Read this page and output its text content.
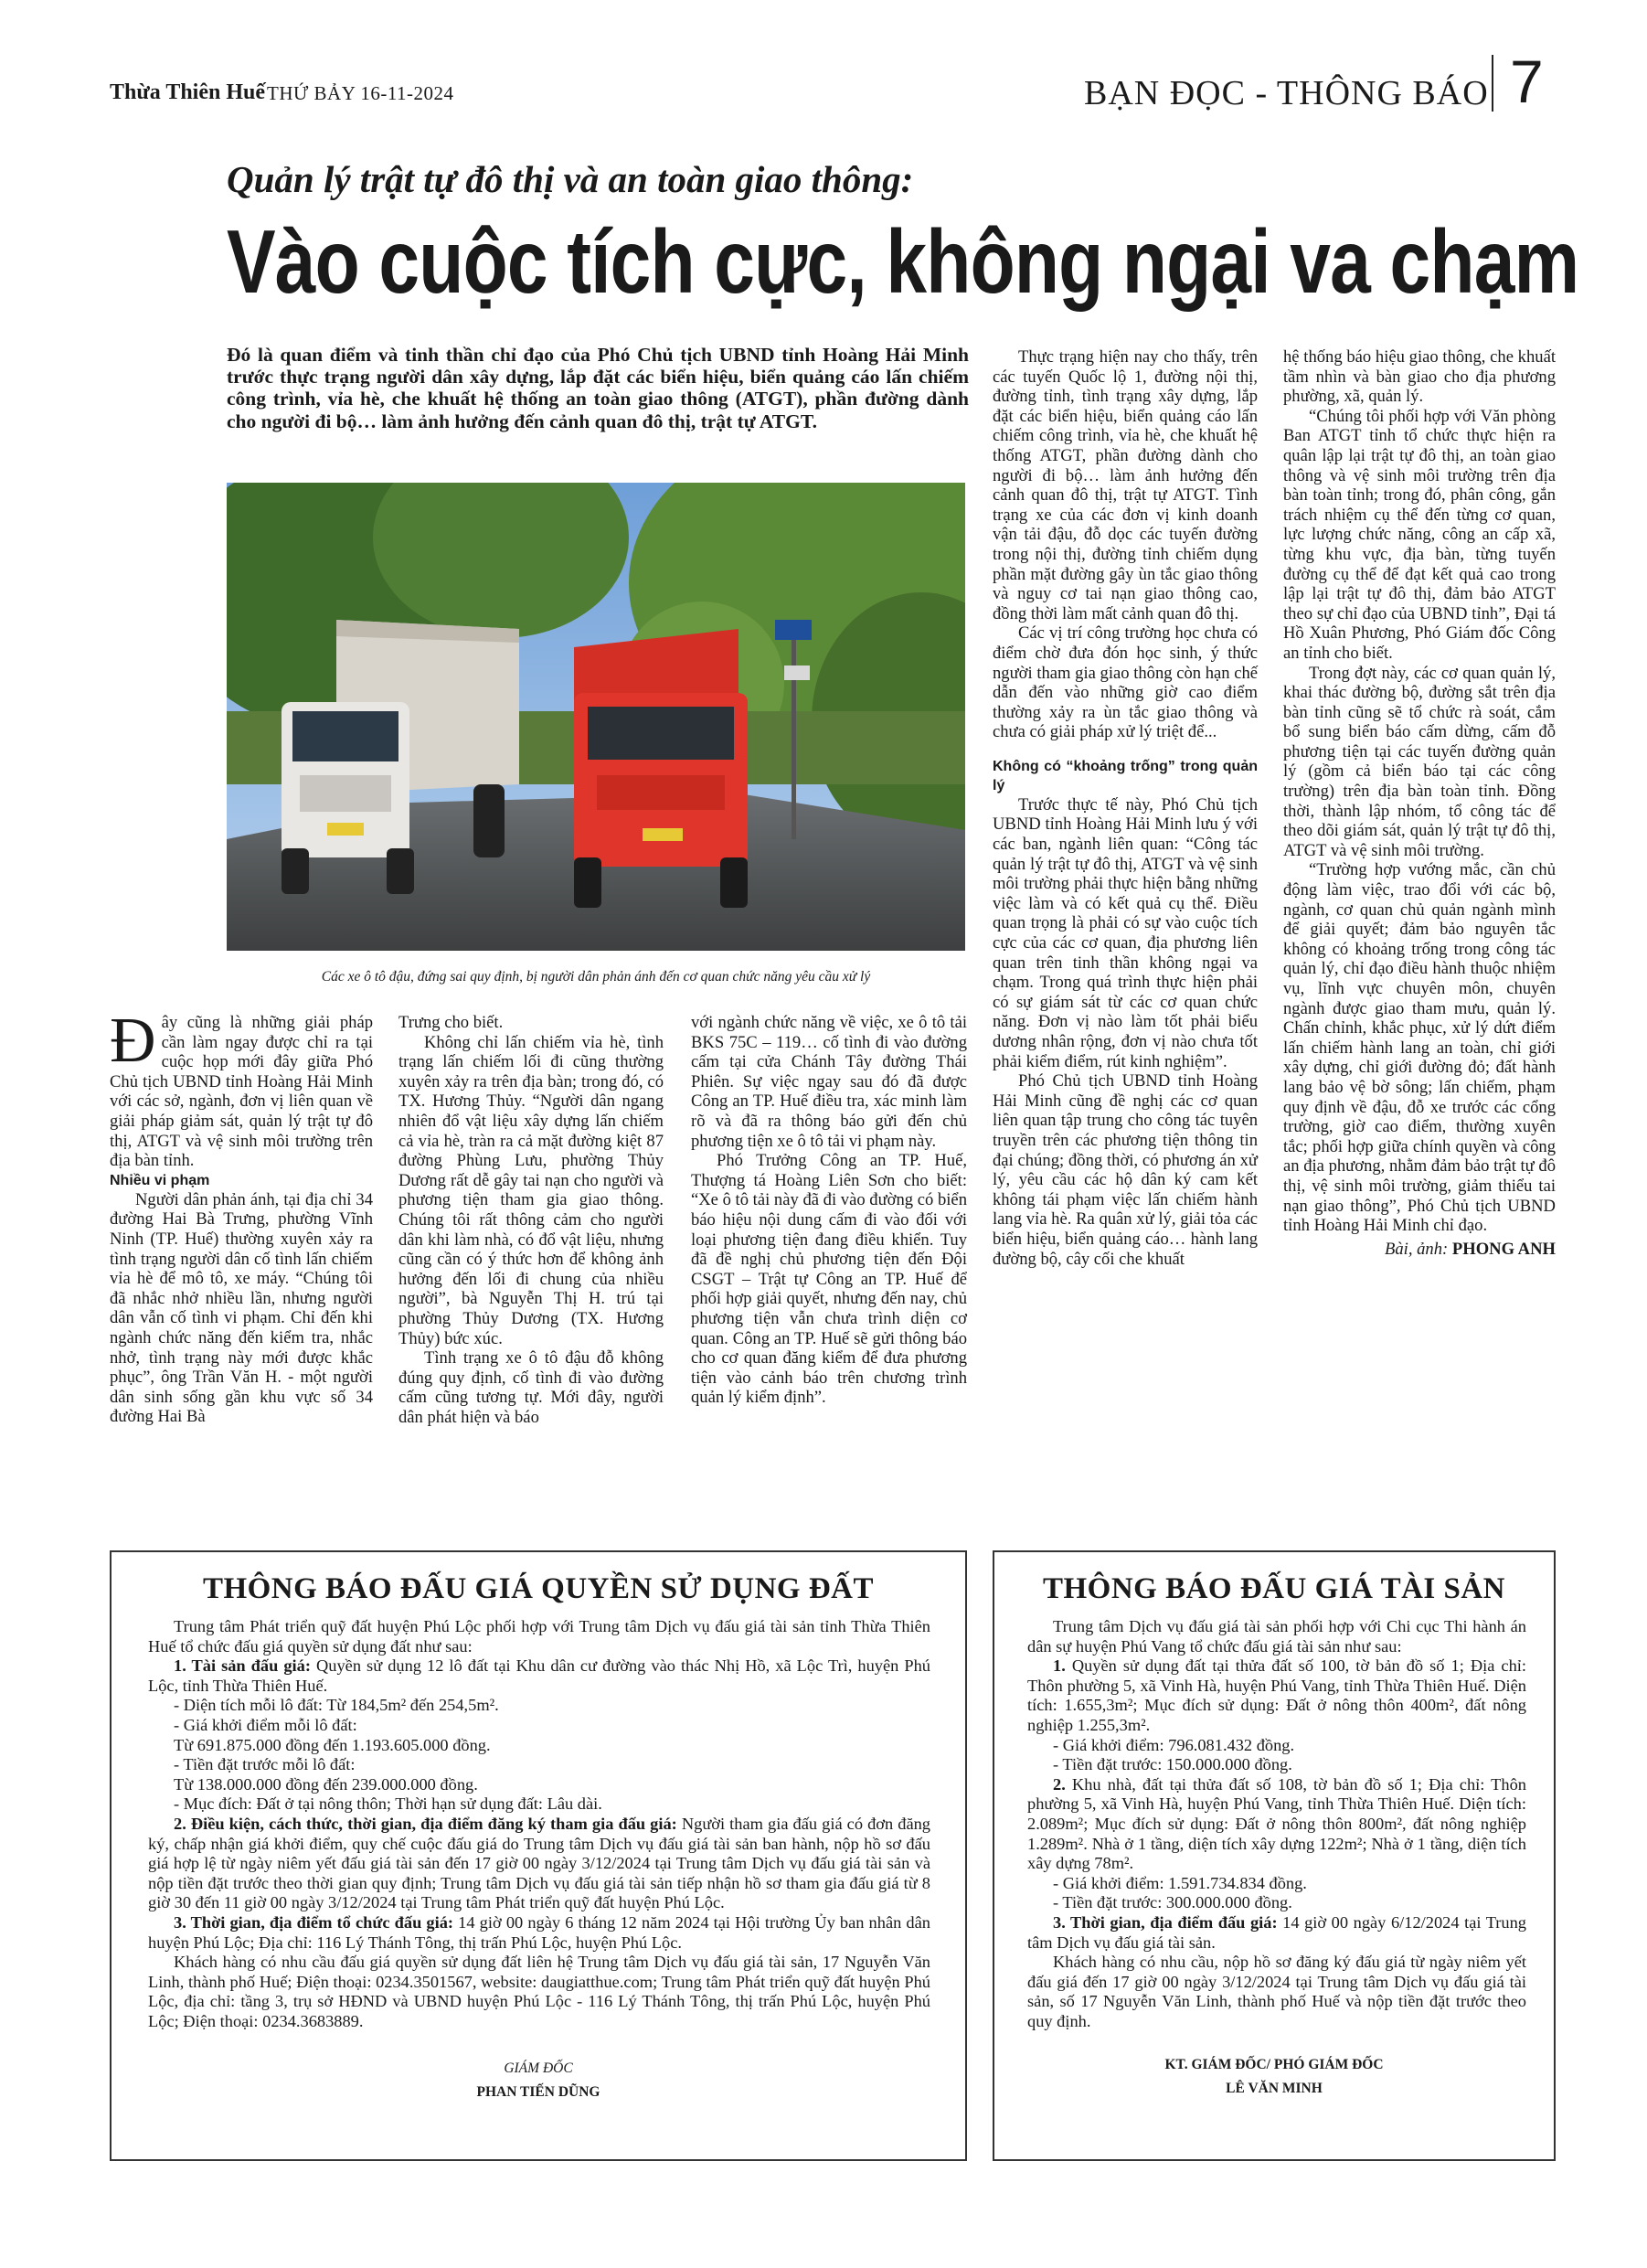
Thừa Thiên Huế THỨ BẢY 16-11-2024	BẠN ĐỌC - THÔNG BÁO 7
Quản lý trật tự đô thị và an toàn giao thông:
Vào cuộc tích cực, không ngại va chạm
Đó là quan điểm và tinh thần chỉ đạo của Phó Chủ tịch UBND tỉnh Hoàng Hải Minh trước thực trạng người dân xây dựng, lắp đặt các biển hiệu, biển quảng cáo lấn chiếm công trình, vỉa hè, che khuất hệ thống an toàn giao thông (ATGT), phần đường dành cho người đi bộ… làm ảnh hưởng đến cảnh quan đô thị, trật tự ATGT.
Các xe ô tô đậu, đứng sai quy định, bị người dân phản ánh đến cơ quan chức năng yêu cầu xử lý

Đây cũng là những giải pháp cần làm ngay được chỉ ra tại cuộc họp mới đây giữa Phó Chủ tịch UBND tỉnh Hoàng Hải Minh với các sở, ngành, đơn vị liên quan về giải pháp giảm sát, quản lý trật tự đô thị, ATGT và vệ sinh môi trường trên địa bàn tỉnh.

Nhiều vi phạm

Người dân phản ánh, tại địa chỉ 34 đường Hai Bà Trưng, phường Vĩnh Ninh (TP. Huế) thường xuyên xảy ra tình trạng người dân cố tình lấn chiếm vỉa hè để mô tô, xe máy. “Chúng tôi đã nhắc nhở nhiều lần, nhưng người dân vẫn cố tình vi phạm. Chỉ đến khi ngành chức năng đến kiểm tra, nhắc nhở, tình trạng này mới được khắc phục”, ông Trần Văn H. - một người dân sinh sống gần khu vực số 34 đường Hai Bà

Trưng cho biết.

Không chỉ lấn chiếm vỉa hè, tình trạng lấn chiếm lối đi cũng thường xuyên xảy ra trên địa bàn; trong đó, có TX. Hương Thủy. “Người dân ngang nhiên đổ vật liệu xây dựng lấn chiếm cả vỉa hè, tràn ra cả mặt đường kiệt 87 đường Phùng Lưu, phường Thủy Dương rất dễ gây tai nạn cho người và phương tiện tham gia giao thông. Chúng tôi rất thông cảm cho người dân khi làm nhà, có đổ vật liệu, nhưng cũng cần có ý thức hơn để không ảnh hưởng đến lối đi chung của nhiều người”, bà Nguyễn Thị H. trú tại phường Thủy Dương (TX. Hương Thủy) bức xúc.

Tình trạng xe ô tô đậu đỗ không đúng quy định, cố tình đi vào đường cấm cũng tương tự. Mới đây, người dân phát hiện và báo

với ngành chức năng về việc, xe ô tô tải BKS 75C – 119… cố tình đi vào đường cấm tại cửa Chánh Tây đường Thái Phiên. Sự việc ngay sau đó đã được Công an TP. Huế điều tra, xác minh làm rõ và đã ra thông báo gửi đến chủ phương tiện xe ô tô tải vi phạm này.

Phó Trưởng Công an TP. Huế, Thượng tá Hoàng Liên Sơn cho biết: “Xe ô tô tải này đã đi vào đường có biển báo hiệu nội dung cấm đi vào đối với loại phương tiện đang điều khiển. Tuy đã đề nghị chủ phương tiện đến Đội CSGT – Trật tự Công an TP. Huế để phối hợp giải quyết, nhưng đến nay, chủ phương tiện vẫn chưa trình diện cơ quan. Công an TP. Huế sẽ gửi thông báo cho cơ quan đăng kiểm để đưa phương tiện vào cảnh báo trên chương trình quản lý kiểm định”.

Thực trạng hiện nay cho thấy, trên các tuyến Quốc lộ 1, đường nội thị, đường tỉnh, tình trạng xây dựng, lắp đặt các biển hiệu, biển quảng cáo lấn chiếm công trình, vỉa hè, che khuất hệ thống ATGT, phần đường dành cho người đi bộ… làm ảnh hưởng đến cảnh quan đô thị, trật tự ATGT. Tình trạng xe của các đơn vị kinh doanh vận tải đậu, đỗ dọc các tuyến đường trong nội thị, đường tỉnh chiếm dụng phần mặt đường gây ùn tắc giao thông và nguy cơ tai nạn giao thông cao, đồng thời làm mất cảnh quan đô thị.

Các vị trí công trường học chưa có điểm chờ đưa đón học sinh, ý thức người tham gia giao thông còn hạn chế dẫn đến vào những giờ cao điểm thường xảy ra ùn tắc giao thông và chưa có giải pháp xử lý triệt để...

Không có “khoảng trống” trong quản lý

Trước thực tế này, Phó Chủ tịch UBND tỉnh Hoàng Hải Minh lưu ý với các ban, ngành liên quan: “Công tác quản lý trật tự đô thị, ATGT và vệ sinh môi trường phải thực hiện bằng những việc làm và có kết quả cụ thể. Điều quan trọng là phải có sự vào cuộc tích cực của các cơ quan, địa phương liên quan trên tinh thần không ngại va chạm. Trong quá trình thực hiện phải có sự giám sát từ các cơ quan chức năng. Đơn vị nào làm tốt phải biểu dương nhân rộng, đơn vị nào chưa tốt phải kiểm điểm, rút kinh nghiệm”.

Phó Chủ tịch UBND tỉnh Hoàng Hải Minh cũng đề nghị các cơ quan liên quan tập trung cho công tác tuyên truyền trên các phương tiện thông tin đại chúng; đồng thời, có phương án xử lý, yêu cầu các hộ dân ký cam kết không tái phạm việc lấn chiếm hành lang vỉa hè. Ra quân xử lý, giải tỏa các biển hiệu, biển quảng cáo… hành lang đường bộ, cây cối che khuất

hệ thống báo hiệu giao thông, che khuất tầm nhìn và bàn giao cho địa phương phường, xã, quản lý.

“Chúng tôi phối hợp với Văn phòng Ban ATGT tỉnh tổ chức thực hiện ra quân lập lại trật tự đô thị, an toàn giao thông và vệ sinh môi trường trên địa bàn toàn tỉnh; trong đó, phân công, gắn trách nhiệm cụ thể đến từng cơ quan, lực lượng chức năng, công an cấp xã, từng khu vực, địa bàn, từng tuyến đường cụ thể để đạt kết quả cao trong lập lại trật tự đô thị, đảm bảo ATGT theo sự chỉ đạo của UBND tỉnh”, Đại tá Hồ Xuân Phương, Phó Giám đốc Công an tỉnh cho biết.

Trong đợt này, các cơ quan quản lý, khai thác đường bộ, đường sắt trên địa bàn tỉnh cũng sẽ tổ chức rà soát, cắm bổ sung biển báo cấm dừng, cấm đỗ phương tiện tại các tuyến đường quản lý (gồm cả biển báo tại các công trường) trên địa bàn toàn tỉnh. Đồng thời, thành lập nhóm, tổ công tác để theo dõi giám sát, quản lý trật tự đô thị, ATGT và vệ sinh môi trường.

“Trường hợp vướng mắc, cần chủ động làm việc, trao đổi với các bộ, ngành, cơ quan chủ quản ngành mình để giải quyết; đảm bảo nguyên tắc không có khoảng trống trong công tác quản lý, chỉ đạo điều hành thuộc nhiệm vụ, lĩnh vực chuyên môn, chuyên ngành được giao tham mưu, quản lý. Chấn chỉnh, khắc phục, xử lý dứt điểm lấn chiếm hành lang an toàn, chỉ giới xây dựng, chỉ giới đường đỏ; đất hành lang bảo vệ bờ sông; lấn chiếm, phạm quy định về đậu, đỗ xe trước các cổng trường, giờ cao điểm, thường xuyên tắc; phối hợp giữa chính quyền và công an địa phương, nhằm đảm bảo trật tự đô thị, vệ sinh môi trường, giảm thiểu tai nạn giao thông”, Phó Chủ tịch UBND tỉnh Hoàng Hải Minh chỉ đạo.

Bài, ảnh: PHONG ANH
THÔNG BÁO ĐẤU GIÁ QUYỀN SỬ DỤNG ĐẤT

Trung tâm Phát triển quỹ đất huyện Phú Lộc phối hợp với Trung tâm Dịch vụ đấu giá tài sản tỉnh Thừa Thiên Huế tổ chức đấu giá quyền sử dụng đất như sau:

1. Tài sản đấu giá: Quyền sử dụng 12 lô đất tại Khu dân cư đường vào thác Nhị Hồ, xã Lộc Trì, huyện Phú Lộc, tỉnh Thừa Thiên Huế.

- Diện tích mỗi lô đất: Từ 184,5m² đến 254,5m².

- Giá khởi điểm mỗi lô đất:

Từ 691.875.000 đồng đến 1.193.605.000 đồng.

- Tiền đặt trước mỗi lô đất:

Từ 138.000.000 đồng đến 239.000.000 đồng.

- Mục đích: Đất ở tại nông thôn; Thời hạn sử dụng đất: Lâu dài.

2. Điều kiện, cách thức, thời gian, địa điểm đăng ký tham gia đấu giá: Người tham gia đấu giá có đơn đăng ký, chấp nhận giá khởi điểm, quy chế cuộc đấu giá do Trung tâm Dịch vụ đấu giá tài sản ban hành, nộp hồ sơ đấu giá hợp lệ từ ngày niêm yết đấu giá tài sản đến 17 giờ 00 ngày 3/12/2024 tại Trung tâm Dịch vụ đấu giá tài sản và nộp tiền đặt trước theo thời gian quy định; Trung tâm Dịch vụ đấu giá tài sản tiếp nhận hồ sơ tham gia đấu giá từ 8 giờ 30 đến 11 giờ 00 ngày 3/12/2024 tại Trung tâm Phát triển quỹ đất huyện Phú Lộc.

3. Thời gian, địa điểm tổ chức đấu giá: 14 giờ 00 ngày 6 tháng 12 năm 2024 tại Hội trường Ủy ban nhân dân huyện Phú Lộc; Địa chỉ: 116 Lý Thánh Tông, thị trấn Phú Lộc, huyện Phú Lộc.

Khách hàng có nhu cầu đấu giá quyền sử dụng đất liên hệ Trung tâm Dịch vụ đấu giá tài sản, 17 Nguyễn Văn Linh, thành phố Huế; Điện thoại: 0234.3501567, website: daugiatthue.com; Trung tâm Phát triển quỹ đất huyện Phú Lộc, địa chỉ: tầng 3, trụ sở HĐND và UBND huyện Phú Lộc - 116 Lý Thánh Tông, thị trấn Phú Lộc, huyện Phú Lộc; Điện thoại: 0234.3683889.

GIÁM ĐỐC
PHAN TIẾN DŨNG
THÔNG BÁO ĐẤU GIÁ TÀI SẢN

Trung tâm Dịch vụ đấu giá tài sản phối hợp với Chi cục Thi hành án dân sự huyện Phú Vang tổ chức đấu giá tài sản như sau:

1. Quyền sử dụng đất tại thửa đất số 100, tờ bản đồ số 1; Địa chỉ: Thôn phường 5, xã Vinh Hà, huyện Phú Vang, tỉnh Thừa Thiên Huế. Diện tích: 1.655,3m²; Mục đích sử dụng: Đất ở nông thôn 400m², đất nông nghiệp 1.255,3m².

- Giá khởi điểm: 796.081.432 đồng.

- Tiền đặt trước: 150.000.000 đồng.

2. Khu nhà, đất tại thửa đất số 108, tờ bản đồ số 1; Địa chỉ: Thôn phường 5, xã Vinh Hà, huyện Phú Vang, tỉnh Thừa Thiên Huế. Diện tích: 2.089m²; Mục đích sử dụng: Đất ở nông thôn 800m², đất nông nghiệp 1.289m². Nhà ở 1 tầng, diện tích xây dựng 122m²; Nhà ở 1 tầng, diện tích xây dựng 78m².

- Giá khởi điểm: 1.591.734.834 đồng.

- Tiền đặt trước: 300.000.000 đồng.

3. Thời gian, địa điểm đấu giá: 14 giờ 00 ngày 6/12/2024 tại Trung tâm Dịch vụ đấu giá tài sản.

Khách hàng có nhu cầu, nộp hồ sơ đăng ký đấu giá từ ngày niêm yết đấu giá đến 17 giờ 00 ngày 3/12/2024 tại Trung tâm Dịch vụ đấu giá tài sản, số 17 Nguyễn Văn Linh, thành phố Huế và nộp tiền đặt trước theo quy định.

KT. GIÁM ĐỐC/ PHÓ GIÁM ĐỐC
LÊ VĂN MINH
